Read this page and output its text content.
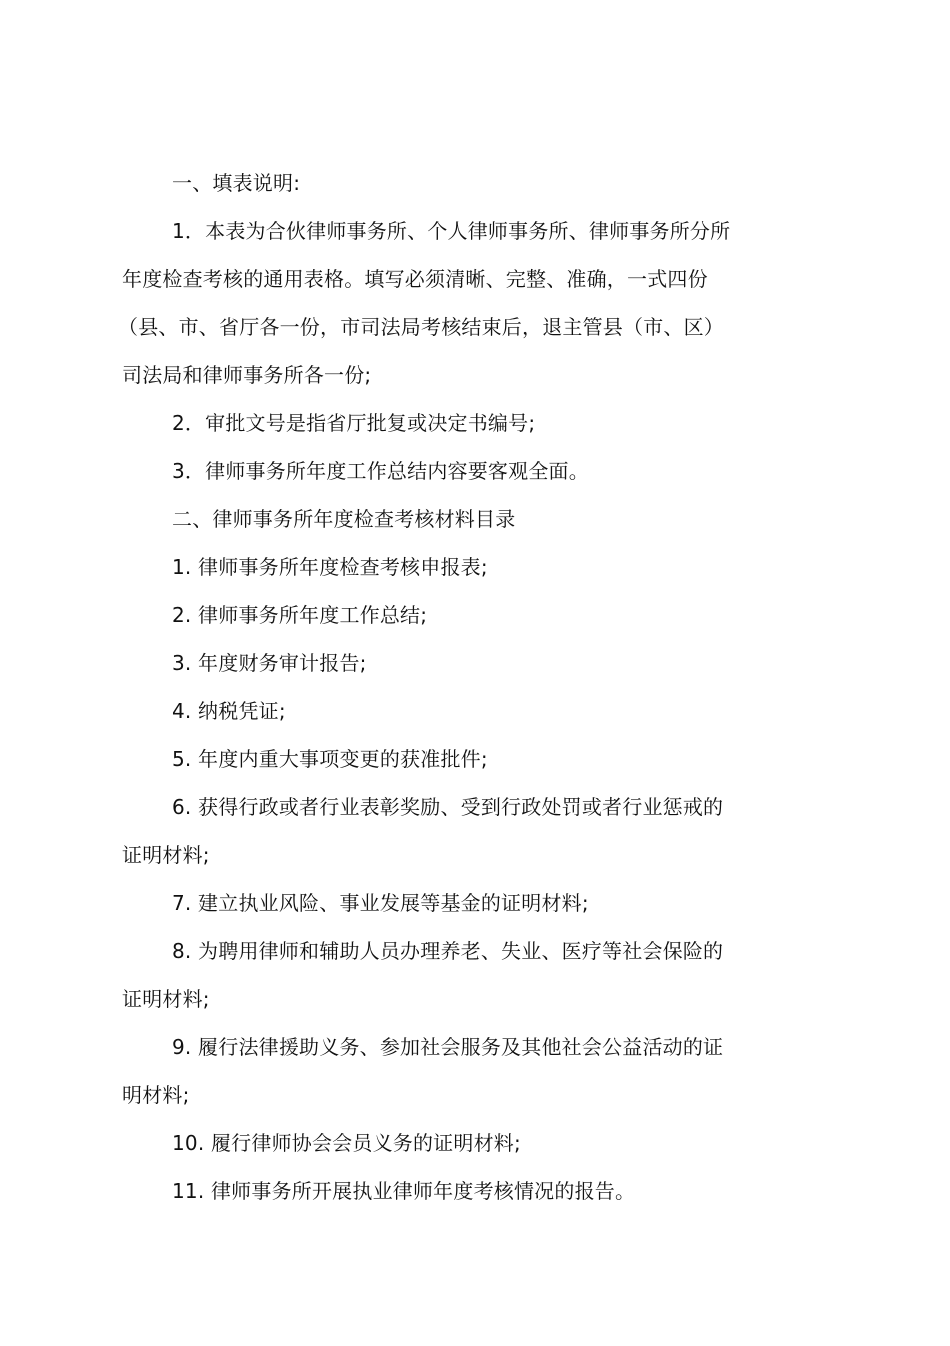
一、填表说明:
1．本表为合伙律师事务所、个人律师事务所、律师事务所分所
年度检查考核的通用表格。填写必须清晰、完整、准确，一式四份
（县、市、省厅各一份，市司法局考核结束后，退主管县（市、区）
司法局和律师事务所各一份;
2．审批文号是指省厅批复或决定书编号;
3．律师事务所年度工作总结内容要客观全面。
二、律师事务所年度检查考核材料目录
1. 律师事务所年度检查考核申报表;
2. 律师事务所年度工作总结;
3. 年度财务审计报告;
4. 纳税凭证;
5. 年度内重大事项变更的获准批件;
6. 获得行政或者行业表彰奖励、受到行政处罚或者行业惩戒的
证明材料;
7. 建立执业风险、事业发展等基金的证明材料;
8. 为聘用律师和辅助人员办理养老、失业、医疗等社会保险的
证明材料;
9. 履行法律援助义务、参加社会服务及其他社会公益活动的证
明材料;
10. 履行律师协会会员义务的证明材料;
11. 律师事务所开展执业律师年度考核情况的报告。
